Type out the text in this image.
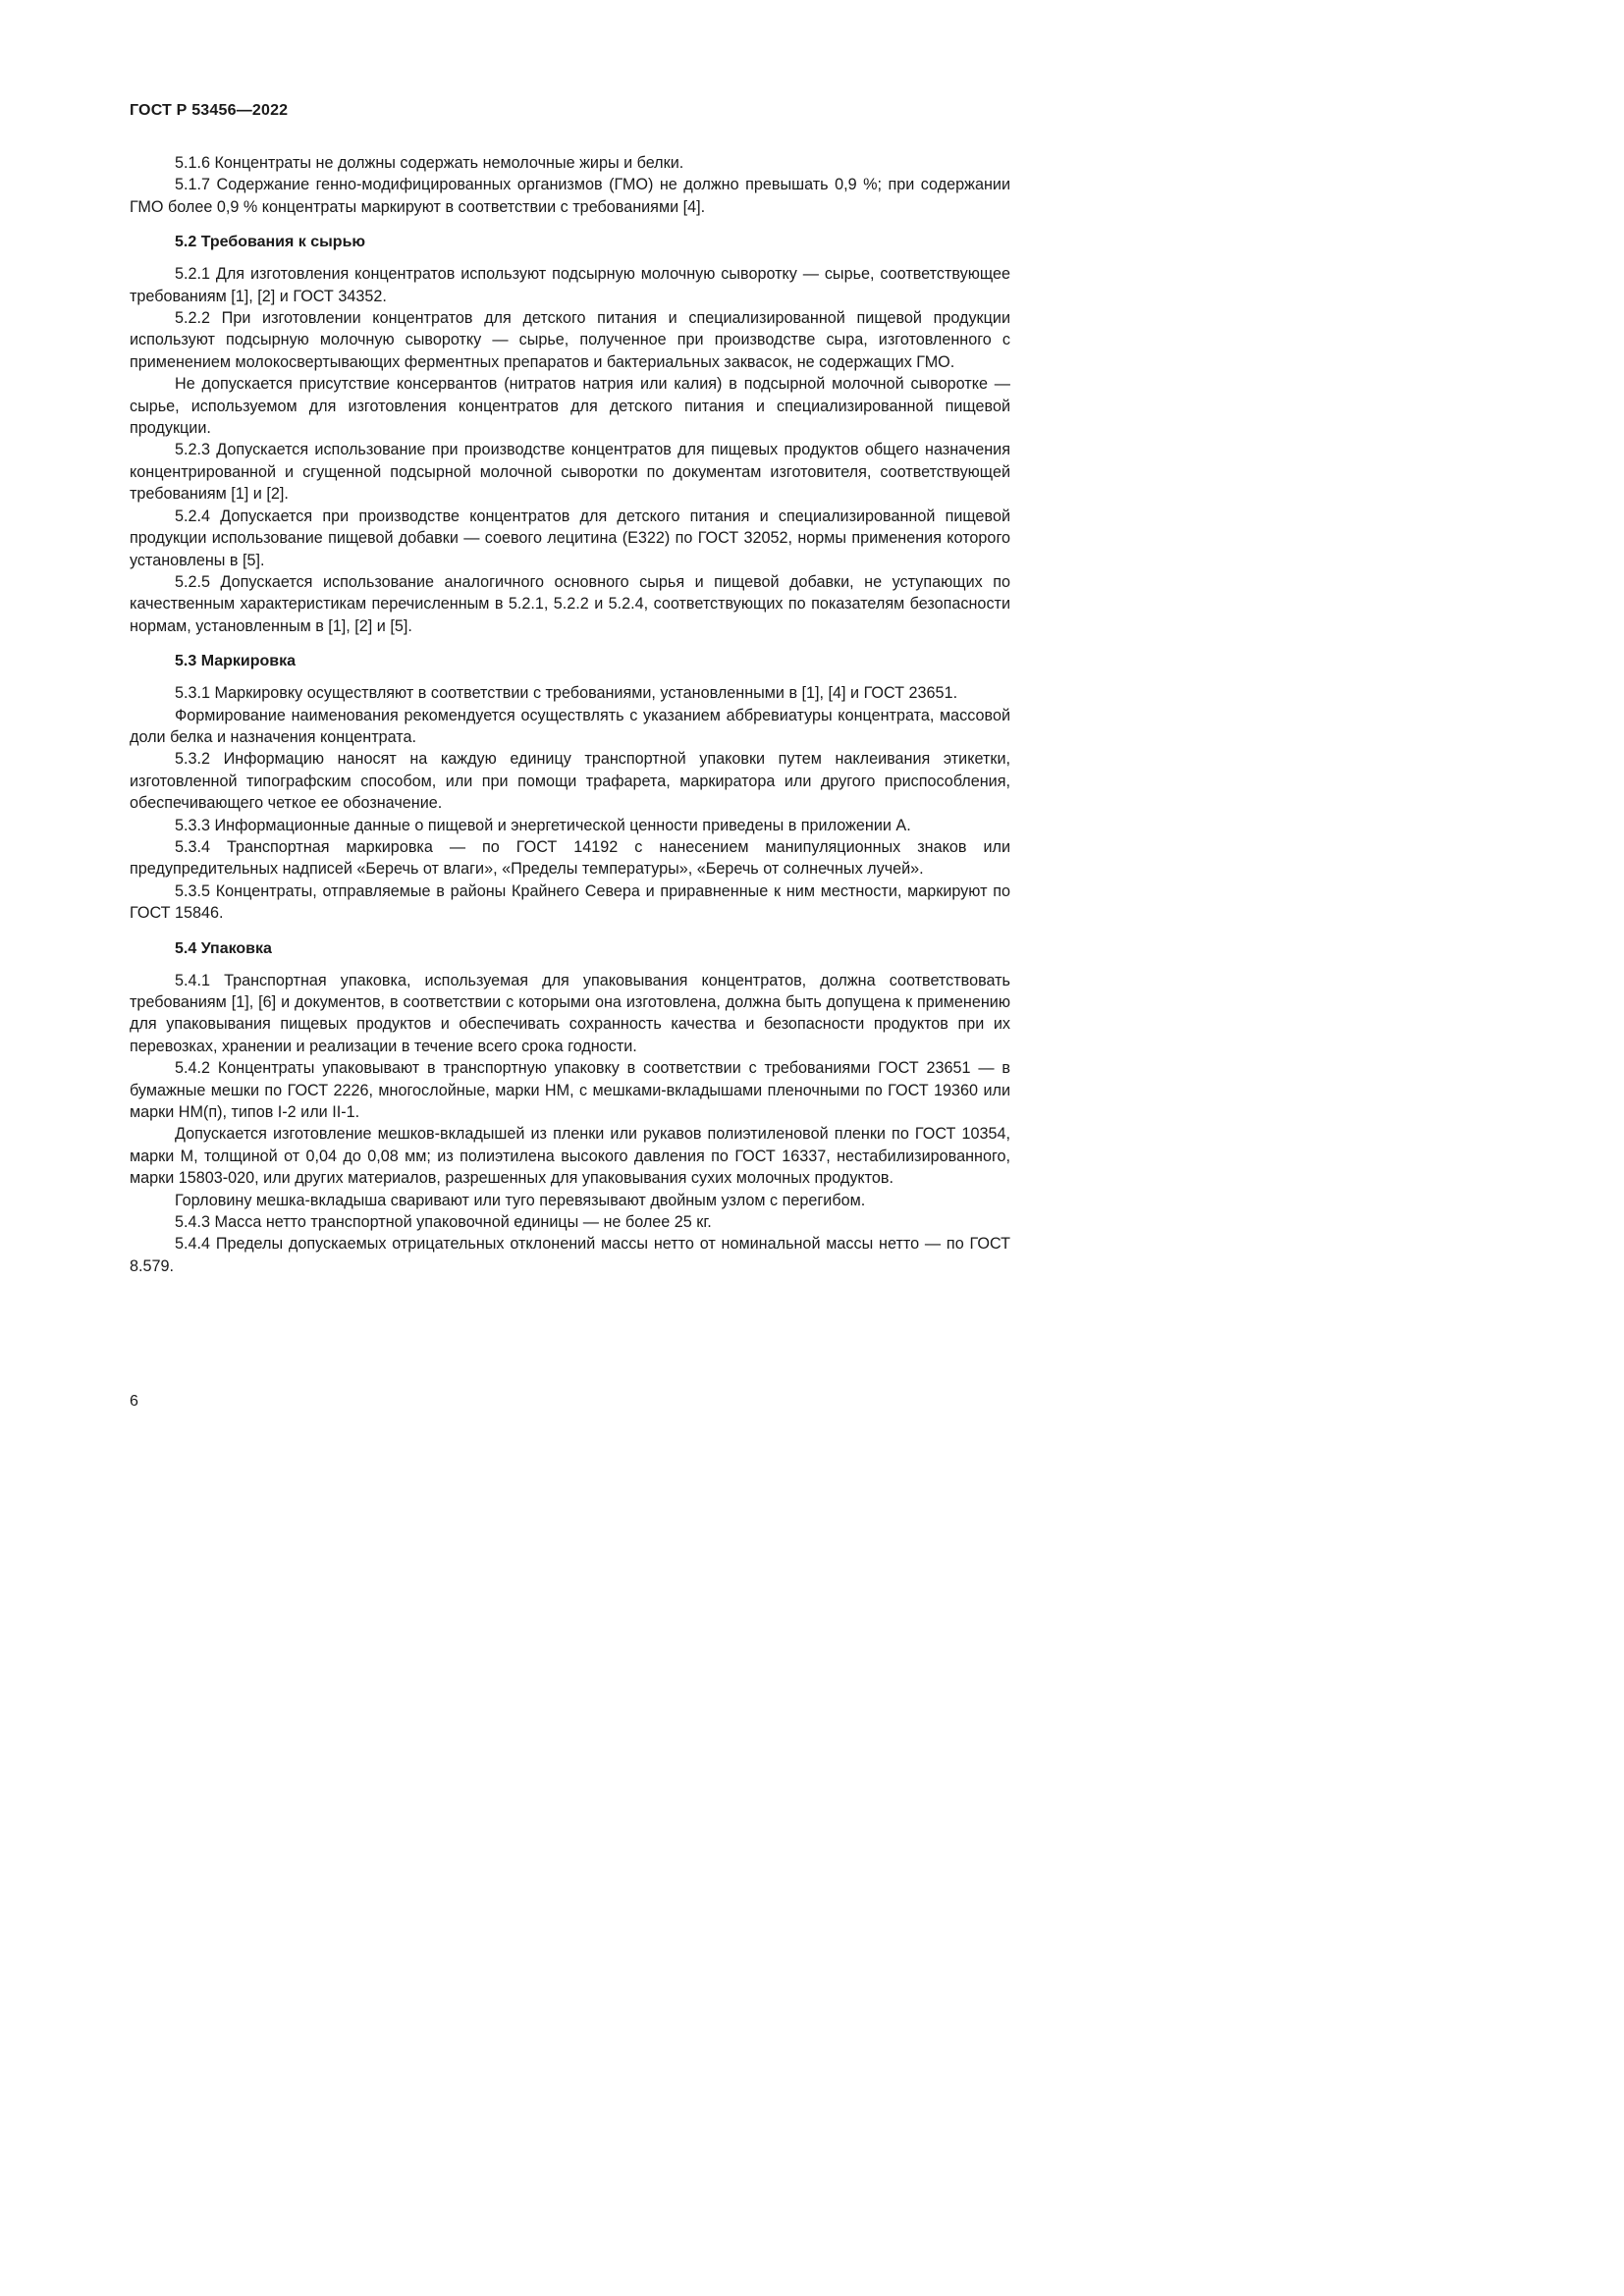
ГОСТ Р 53456—2022

5.1.6 Концентраты не должны содержать немолочные жиры и белки.

5.1.7 Содержание генно-модифицированных организмов (ГМО) не должно превышать 0,9 %; при содержании ГМО более 0,9 % концентраты маркируют в соответствии с требованиями [4].

5.2 Требования к сырью

5.2.1 Для изготовления концентратов используют подсырную молочную сыворотку — сырье, соответствующее требованиям [1], [2] и ГОСТ 34352.

5.2.2 При изготовлении концентратов для детского питания и специализированной пищевой продукции используют подсырную молочную сыворотку — сырье, полученное при производстве сыра, изготовленного с применением молокосвертывающих ферментных препаратов и бактериальных заквасок, не содержащих ГМО.

Не допускается присутствие консервантов (нитратов натрия или калия) в подсырной молочной сыворотке — сырье, используемом для изготовления концентратов для детского питания и специализированной пищевой продукции.

5.2.3 Допускается использование при производстве концентратов для пищевых продуктов общего назначения концентрированной и сгущенной подсырной молочной сыворотки по документам изготовителя, соответствующей требованиям [1] и [2].

5.2.4 Допускается при производстве концентратов для детского питания и специализированной пищевой продукции использование пищевой добавки — соевого лецитина (Е322) по ГОСТ 32052, нормы применения которого установлены в [5].

5.2.5 Допускается использование аналогичного основного сырья и пищевой добавки, не уступающих по качественным характеристикам перечисленным в 5.2.1, 5.2.2 и 5.2.4, соответствующих по показателям безопасности нормам, установленным в [1], [2] и [5].

5.3 Маркировка

5.3.1 Маркировку осуществляют в соответствии с требованиями, установленными в [1], [4] и ГОСТ 23651.

Формирование наименования рекомендуется осуществлять с указанием аббревиатуры концентрата, массовой доли белка и назначения концентрата.

5.3.2 Информацию наносят на каждую единицу транспортной упаковки путем наклеивания этикетки, изготовленной типографским способом, или при помощи трафарета, маркиратора или другого приспособления, обеспечивающего четкое ее обозначение.

5.3.3 Информационные данные о пищевой и энергетической ценности приведены в приложении А.

5.3.4 Транспортная маркировка — по ГОСТ 14192 с нанесением манипуляционных знаков или предупредительных надписей «Беречь от влаги», «Пределы температуры», «Беречь от солнечных лучей».

5.3.5 Концентраты, отправляемые в районы Крайнего Севера и приравненные к ним местности, маркируют по ГОСТ 15846.

5.4 Упаковка

5.4.1 Транспортная упаковка, используемая для упаковывания концентратов, должна соответствовать требованиям [1], [6] и документов, в соответствии с которыми она изготовлена, должна быть допущена к применению для упаковывания пищевых продуктов и обеспечивать сохранность качества и безопасности продуктов при их перевозках, хранении и реализации в течение всего срока годности.

5.4.2 Концентраты упаковывают в транспортную упаковку в соответствии с требованиями ГОСТ 23651 — в бумажные мешки по ГОСТ 2226, многослойные, марки НМ, с мешками-вкладышами пленочными по ГОСТ 19360 или марки НМ(п), типов I-2 или II-1.

Допускается изготовление мешков-вкладышей из пленки или рукавов полиэтиленовой пленки по ГОСТ 10354, марки М, толщиной от 0,04 до 0,08 мм; из полиэтилена высокого давления по ГОСТ 16337, нестабилизированного, марки 15803-020, или других материалов, разрешенных для упаковывания сухих молочных продуктов.

Горловину мешка-вкладыша сваривают или туго перевязывают двойным узлом с перегибом.

5.4.3 Масса нетто транспортной упаковочной единицы — не более 25 кг.

5.4.4 Пределы допускаемых отрицательных отклонений массы нетто от номинальной массы нетто — по ГОСТ 8.579.

6
